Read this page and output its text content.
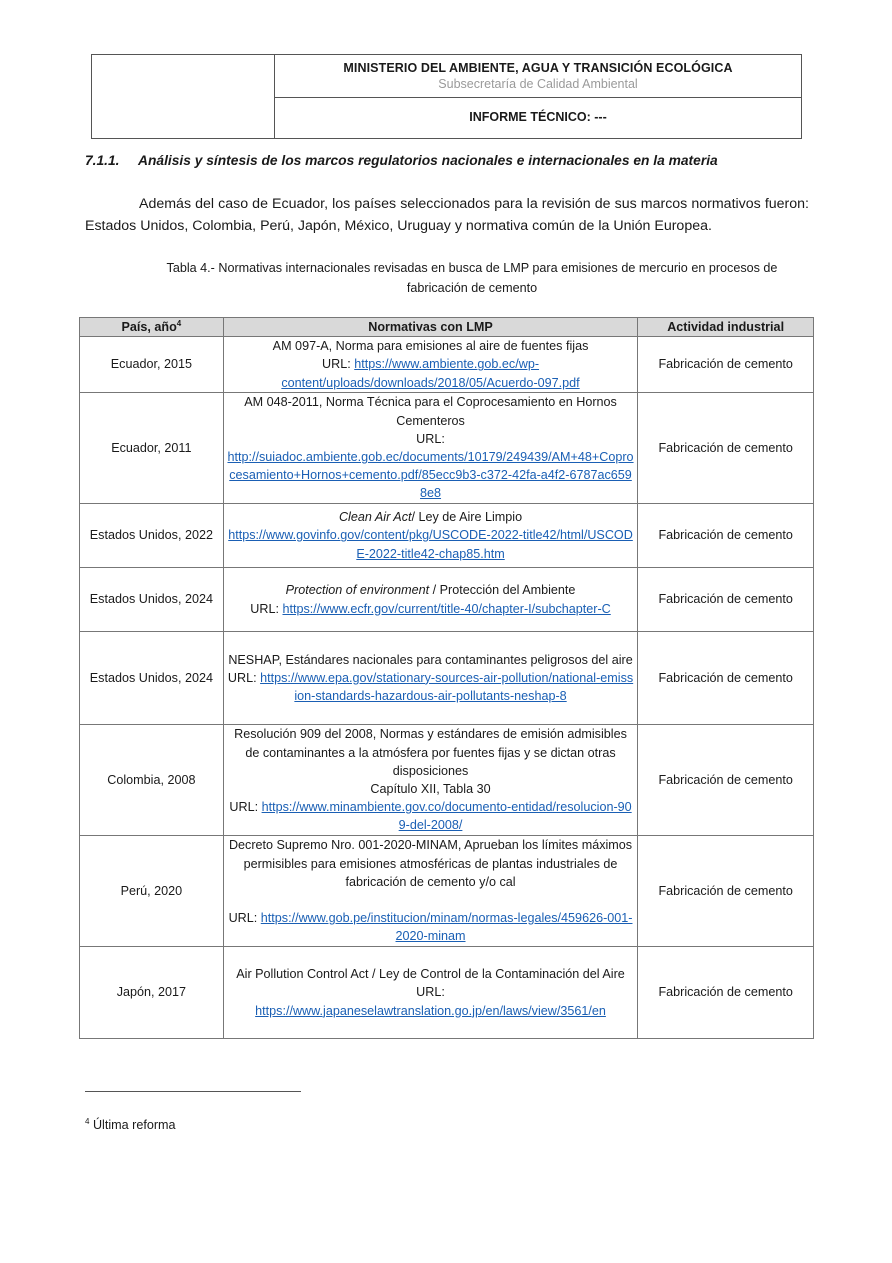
MINISTERIO DEL AMBIENTE, AGUA Y TRANSICIÓN ECOLÓGICA
Subsecretaría de Calidad Ambiental
INFORME TÉCNICO: ---
7.1.1. Análisis y síntesis de los marcos regulatorios nacionales e internacionales en la materia

Además del caso de Ecuador, los países seleccionados para la revisión de sus marcos normativos fueron: Estados Unidos, Colombia, Perú, Japón, México, Uruguay y normativa común de la Unión Europea.

Tabla 4.- Normativas internacionales revisadas en busca de LMP para emisiones de mercurio en procesos de fabricación de cemento
País, año$^4$	Normativas con LMP	Actividad industrial
Ecuador, 2015	AM 097-A, Norma para emisiones al aire de fuentes fijas
URL: https://www.ambiente.gob.ec/wp-content/uploads/downloads/2018/05/Acuerdo-097.pdf	Fabricación de cemento
Ecuador, 2011	AM 048-2011, Norma Técnica para el Coprocesamiento en Hornos Cementeros
URL:
http://suiadoc.ambiente.gob.ec/documents/10179/249439/AM+48+Coprocesamiento+Hornos+cemento.pdf/85ecc9b3-c372-42fa-a4f2-6787ac6598e8	Fabricación de cemento
Estados Unidos, 2022	Clean Air Act/ Ley de Aire Limpio
https://www.govinfo.gov/content/pkg/USCODE-2022-title42/html/USCODE-2022-title42-chap85.htm	Fabricación de cemento
Estados Unidos, 2024	Protection of environment / Protección del Ambiente
URL: https://www.ecfr.gov/current/title-40/chapter-I/subchapter-C	Fabricación de cemento
Estados Unidos, 2024	NESHAP, Estándares nacionales para contaminantes peligrosos del aire
URL: https://www.epa.gov/stationary-sources-air-pollution/national-emission-standards-hazardous-air-pollutants-neshap-8	Fabricación de cemento
Colombia, 2008	Resolución 909 del 2008, Normas y estándares de emisión admisibles de contaminantes a la atmósfera por fuentes fijas y se dictan otras disposiciones
Capítulo XII, Tabla 30
URL: https://www.minambiente.gov.co/documento-entidad/resolucion-909-del-2008/	Fabricación de cemento
Perú, 2020	Decreto Supremo Nro. 001-2020-MINAM, Aprueban los límites máximos permisibles para emisiones atmosféricas de plantas industriales de fabricación de cemento y/o cal

URL: https://www.gob.pe/institucion/minam/normas-legales/459626-001-2020-minam	Fabricación de cemento
Japón, 2017	Air Pollution Control Act / Ley de Control de la Contaminación del Aire
URL:
https://www.japaneselawtranslation.go.jp/en/laws/view/3561/en	Fabricación de cemento
$^4$ Última reforma
